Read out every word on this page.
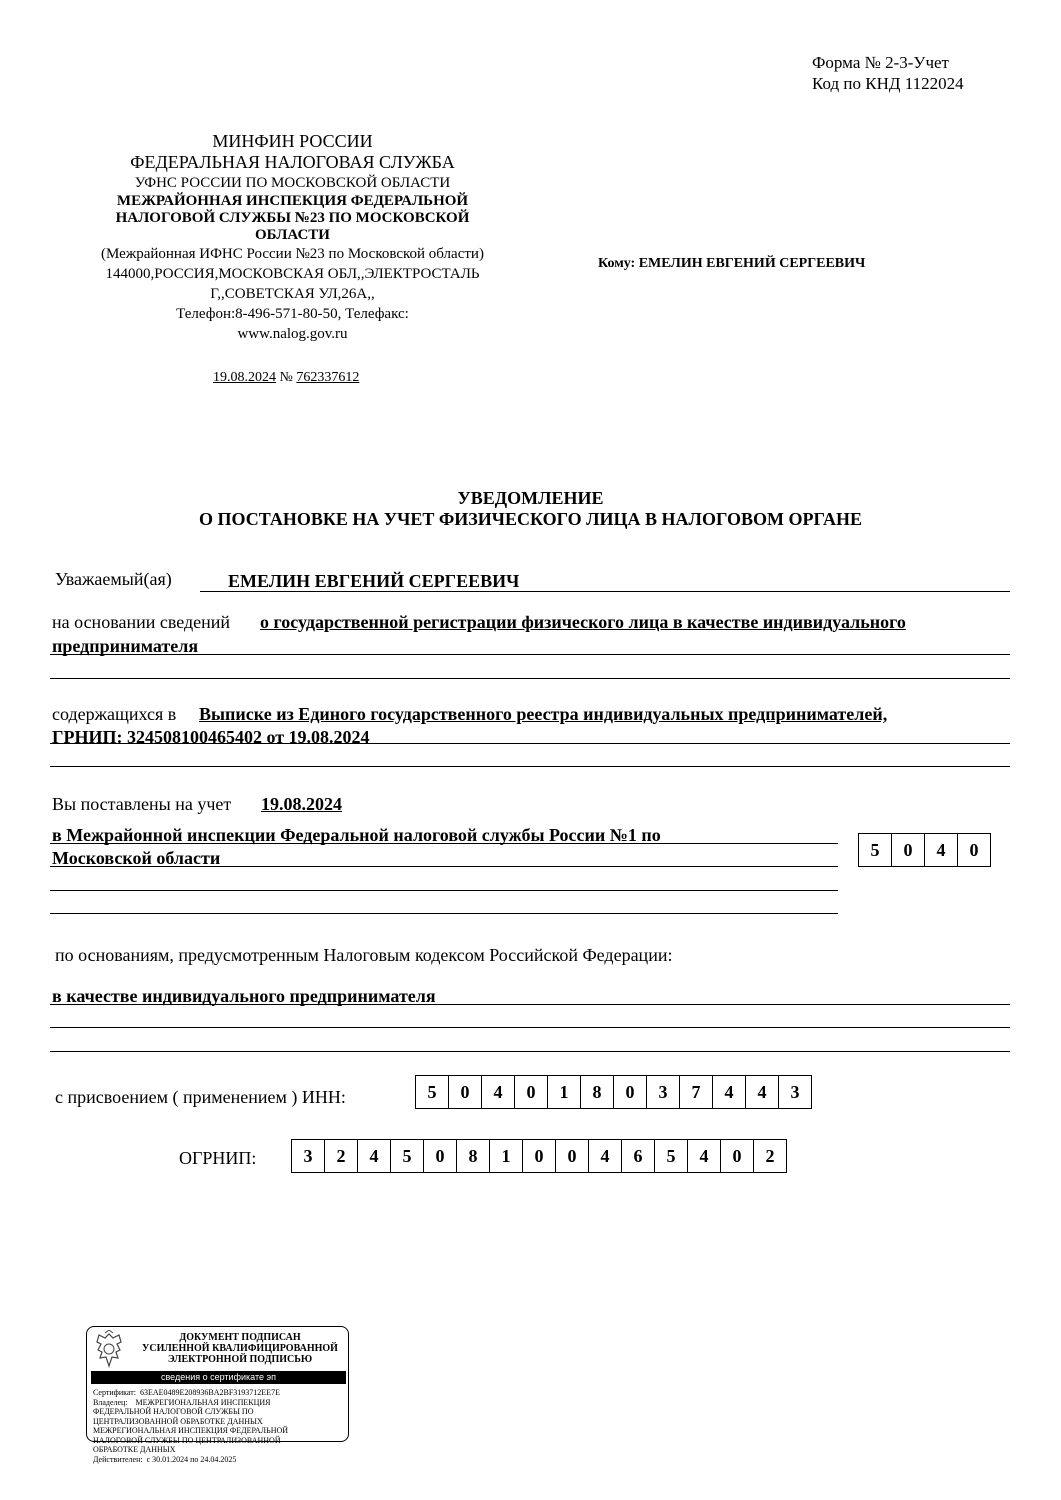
Форма № 2-3-Учет
Код по КНД 1122024
МИНФИН РОССИИ
ФЕДЕРАЛЬНАЯ НАЛОГОВАЯ СЛУЖБА
УФНС РОССИИ ПО МОСКОВСКОЙ ОБЛАСТИ
МЕЖРАЙОННАЯ ИНСПЕКЦИЯ ФЕДЕРАЛЬНОЙ
НАЛОГОВОЙ СЛУЖБЫ №23 ПО МОСКОВСКОЙ
ОБЛАСТИ
(Межрайонная ИФНС России №23 по Московской области)
144000,РОССИЯ,МОСКОВСКАЯ ОБЛ,,ЭЛЕКТРОСТАЛЬ
Г,,СОВЕТСКАЯ УЛ,26А,,
Телефон:8-496-571-80-50, Телефакс:
www.nalog.gov.ru
19.08.2024 № 762337612
Кому: ЕМЕЛИН ЕВГЕНИЙ СЕРГЕЕВИЧ
УВЕДОМЛЕНИЕ
О ПОСТАНОВКЕ НА УЧЕТ ФИЗИЧЕСКОГО ЛИЦА В НАЛОГОВОМ ОРГАНЕ
Уважаемый(ая)	ЕМЕЛИН ЕВГЕНИЙ СЕРГЕЕВИЧ
на основании сведений о государственной регистрации физического лица в качестве индивидуального
предпринимателя
содержащихся в Выписке из Единого государственного реестра индивидуальных предпринимателей,
ГРНИП: 324508100465402 от 19.08.2024
Вы поставлены на учет 19.08.2024
в Межрайонной инспекции Федеральной налоговой службы России №1 по
Московской области	5	0	4	0
по основаниям, предусмотренным Налоговым кодексом Российской Федерации:
в качестве индивидуального предпринимателя
с присвоением ( применением ) ИНН:	5	0	4	0	1	8	0	3	7	4	4	3
ОГРНИП:	3	2	4	5	0	8	1	0	0	4	6	5	4	0	2
ДОКУМЕНТ ПОДПИСАН
УСИЛЕННОЙ КВАЛИФИЦИРОВАННОЙ
ЭЛЕКТРОННОЙ ПОДПИСЬЮ
сведения о сертификате эп
Сертификат: 63EAE0489E208936BA2BF3193712EE7E
Владелец: МЕЖРЕГИОНАЛЬНАЯ ИНСПЕКЦИЯ
ФЕДЕРАЛЬНОЙ НАЛОГОВОЙ СЛУЖБЫ ПО
ЦЕНТРАЛИЗОВАННОЙ ОБРАБОТКЕ ДАННЫХ
МЕЖРЕГИОНАЛЬНАЯ ИНСПЕКЦИЯ ФЕДЕРАЛЬНОЙ
НАЛОГОВОЙ СЛУЖБЫ ПО ЦЕНТРАЛИЗОВАННОЙ
ОБРАБОТКЕ ДАННЫХ
Действителен: с 30.01.2024 по 24.04.2025
